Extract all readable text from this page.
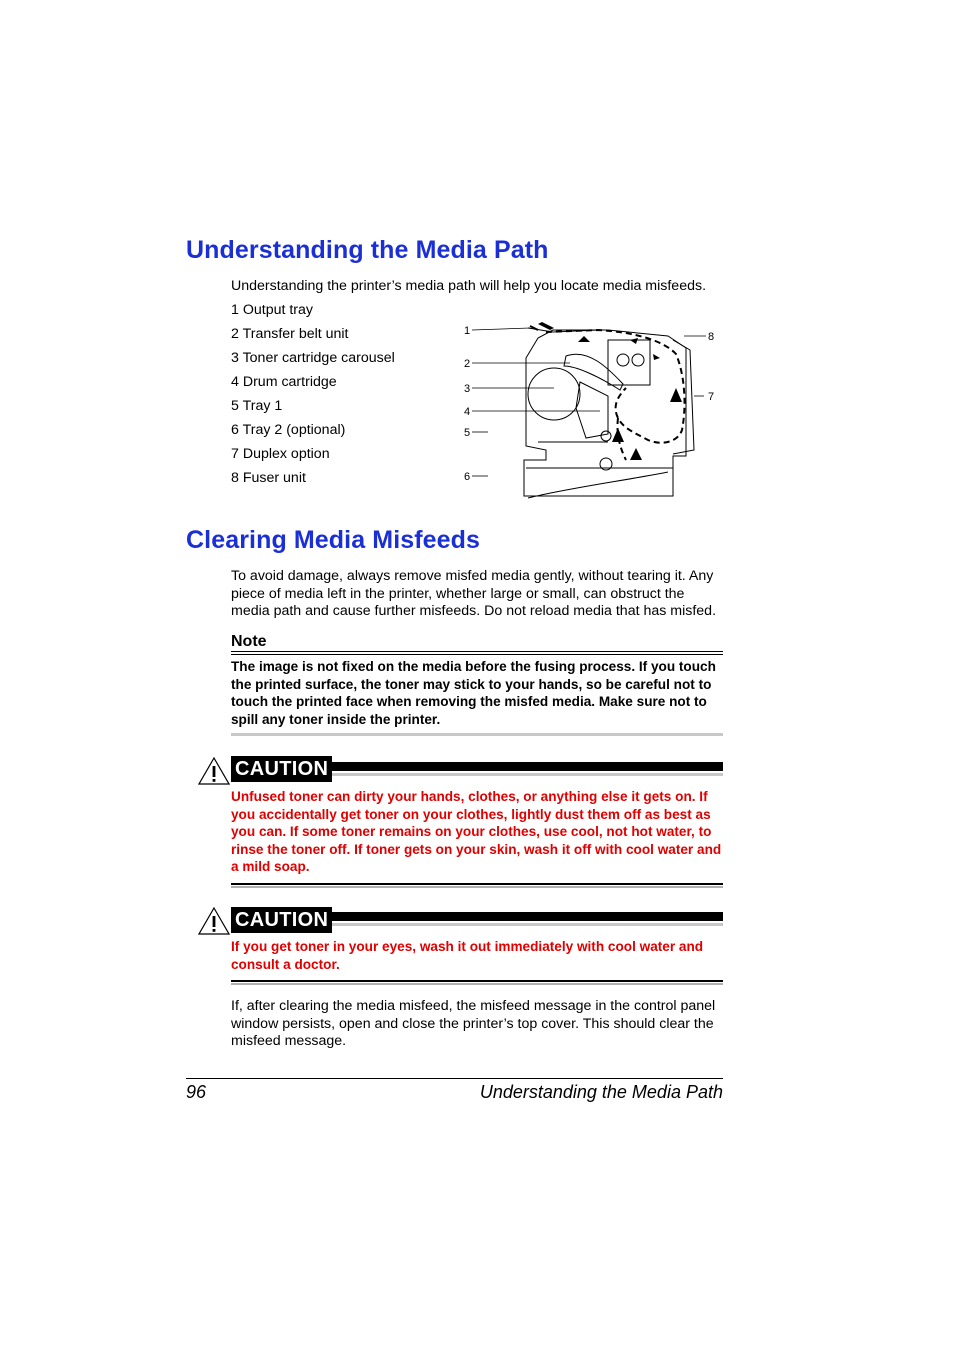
Understanding the Media Path
Understanding the printer’s media path will help you locate media misfeeds.
1 Output tray
2 Transfer belt unit
3 Toner cartridge carousel
4 Drum cartridge
5 Tray 1
6 Tray 2 (optional)
7 Duplex option
8 Fuser unit
1
2
3
4
5
6
7
8
Clearing Media Misfeeds
To avoid damage, always remove misfed media gently, without tearing it. Any piece of media left in the printer, whether large or small, can obstruct the media path and cause further misfeeds. Do not reload media that has misfed.
Note
The image is not fixed on the media before the fusing process. If you touch the printed surface, the toner may stick to your hands, so be careful not to touch the printed face when removing the misfed media. Make sure not to spill any toner inside the printer.
CAUTION
Unfused toner can dirty your hands, clothes, or anything else it gets on. If you accidentally get toner on your clothes, lightly dust them off as best as you can. If some toner remains on your clothes, use cool, not hot water, to rinse the toner off. If toner gets on your skin, wash it off with cool water and a mild soap.
CAUTION
If you get toner in your eyes, wash it out immediately with cool water and consult a doctor.
If, after clearing the media misfeed, the misfeed message in the control panel window persists, open and close the printer’s top cover. This should clear the misfeed message.
96	Understanding the Media Path
